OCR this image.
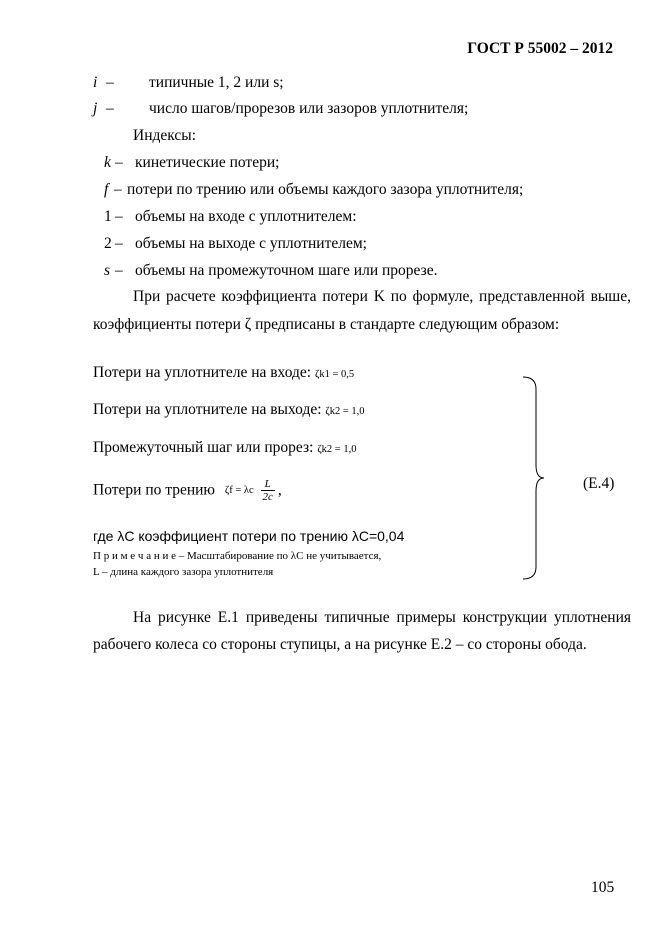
ГОСТ Р 55002 – 2012
i – типичные 1, 2 или s;
j – число шагов/прорезов или зазоров уплотнителя;
Индексы:
k – кинетические потери;
f – потери по трению или объемы каждого зазора уплотнителя;
1 – объемы на входе с уплотнителем:
2 – объемы на выходе с уплотнителем;
s – объемы на промежуточном шаге или прорезе.
При расчете коэффициента потери K по формуле, представленной выше,
коэффициенты потери ζ предписаны в стандарте следующим образом:
Потери на уплотнителе на входе: ζk1 = 0,5
Потери на уплотнителе на выходе: ζk2 = 1,0
Промежуточный шаг или прорез: ζk2 = 1,0
Потери по трению ζf = λc $\frac{L}{2c}$ ,	(E.4)
где λC коэффициент потери по трению λC=0,04
П р и м е ч а н и е – Масштабирование по λC не учитывается,
L – длина каждого зазора уплотнителя
На рисунке Е.1 приведены типичные примеры конструкции уплотнения
рабочего колеса со стороны ступицы, а на рисунке Е.2 – со стороны обода.
105
